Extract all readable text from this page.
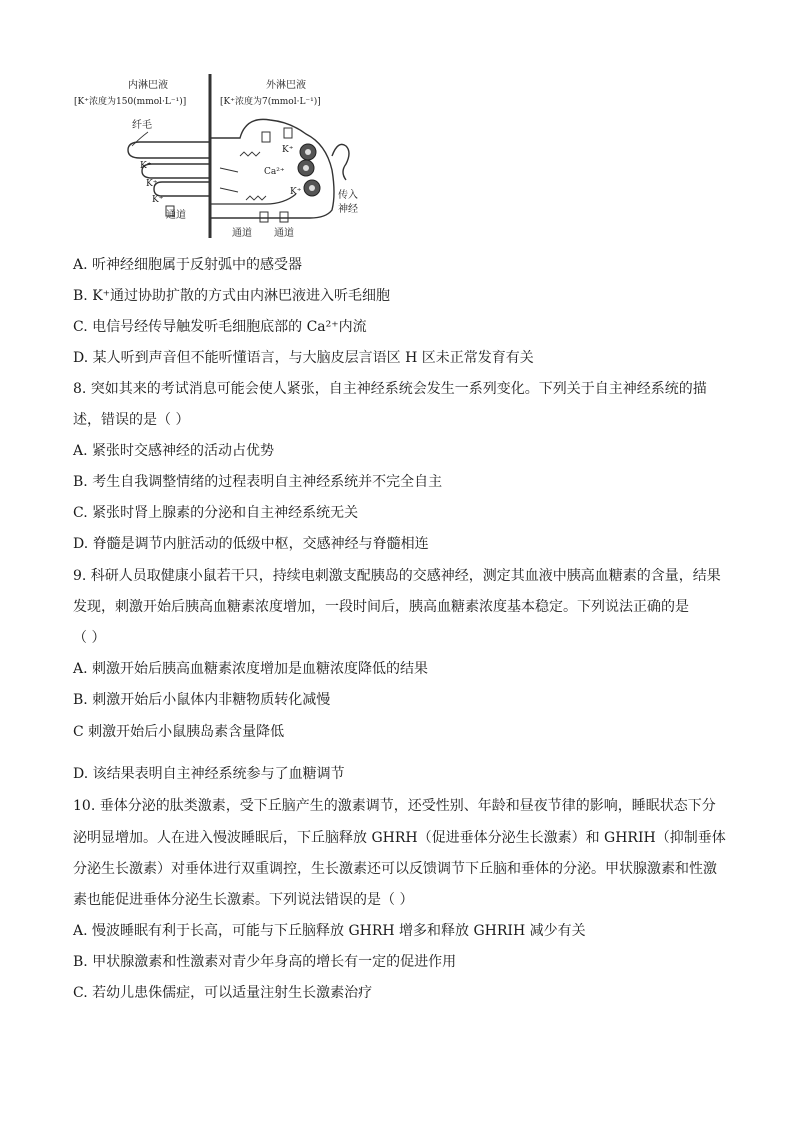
内淋巴液
[K⁺浓度为150(mmol·L⁻¹)]
外淋巴液
[K⁺浓度为7(mmol·L⁻¹)]
纤毛
K⁺
K⁺
K⁺
Ca²⁺
K⁺
K⁺	传入
神经
通道
通道 通道
A. 听神经细胞属于反射弧中的感受器
B. K⁺通过协助扩散的方式由内淋巴液进入听毛细胞
C. 电信号经传导触发听毛细胞底部的 Ca²⁺内流
D. 某人听到声音但不能听懂语言，与大脑皮层言语区 H 区未正常发育有关
8. 突如其来的考试消息可能会使人紧张，自主神经系统会发生一系列变化。下列关于自主神经系统的描
述，错误的是（ ）
A. 紧张时交感神经的活动占优势
B. 考生自我调整情绪的过程表明自主神经系统并不完全自主
C. 紧张时肾上腺素的分泌和自主神经系统无关
D. 脊髓是调节内脏活动的低级中枢，交感神经与脊髓相连
9. 科研人员取健康小鼠若干只，持续电刺激支配胰岛的交感神经，测定其血液中胰高血糖素的含量，结果
发现，刺激开始后胰高血糖素浓度增加，一段时间后，胰高血糖素浓度基本稳定。下列说法正确的是
（ ）
A. 刺激开始后胰高血糖素浓度增加是血糖浓度降低的结果
B. 刺激开始后小鼠体内非糖物质转化减慢
C 刺激开始后小鼠胰岛素含量降低
D. 该结果表明自主神经系统参与了血糖调节
10. 垂体分泌的肽类激素，受下丘脑产生的激素调节，还受性别、年龄和昼夜节律的影响，睡眠状态下分
泌明显增加。人在进入慢波睡眠后，下丘脑释放 GHRH（促进垂体分泌生长激素）和 GHRIH（抑制垂体
分泌生长激素）对垂体进行双重调控，生长激素还可以反馈调节下丘脑和垂体的分泌。甲状腺激素和性激
素也能促进垂体分泌生长激素。下列说法错误的是（ ）
A. 慢波睡眠有利于长高，可能与下丘脑释放 GHRH 增多和释放 GHRIH 减少有关
B. 甲状腺激素和性激素对青少年身高的增长有一定的促进作用
C. 若幼儿患侏儒症，可以适量注射生长激素治疗
